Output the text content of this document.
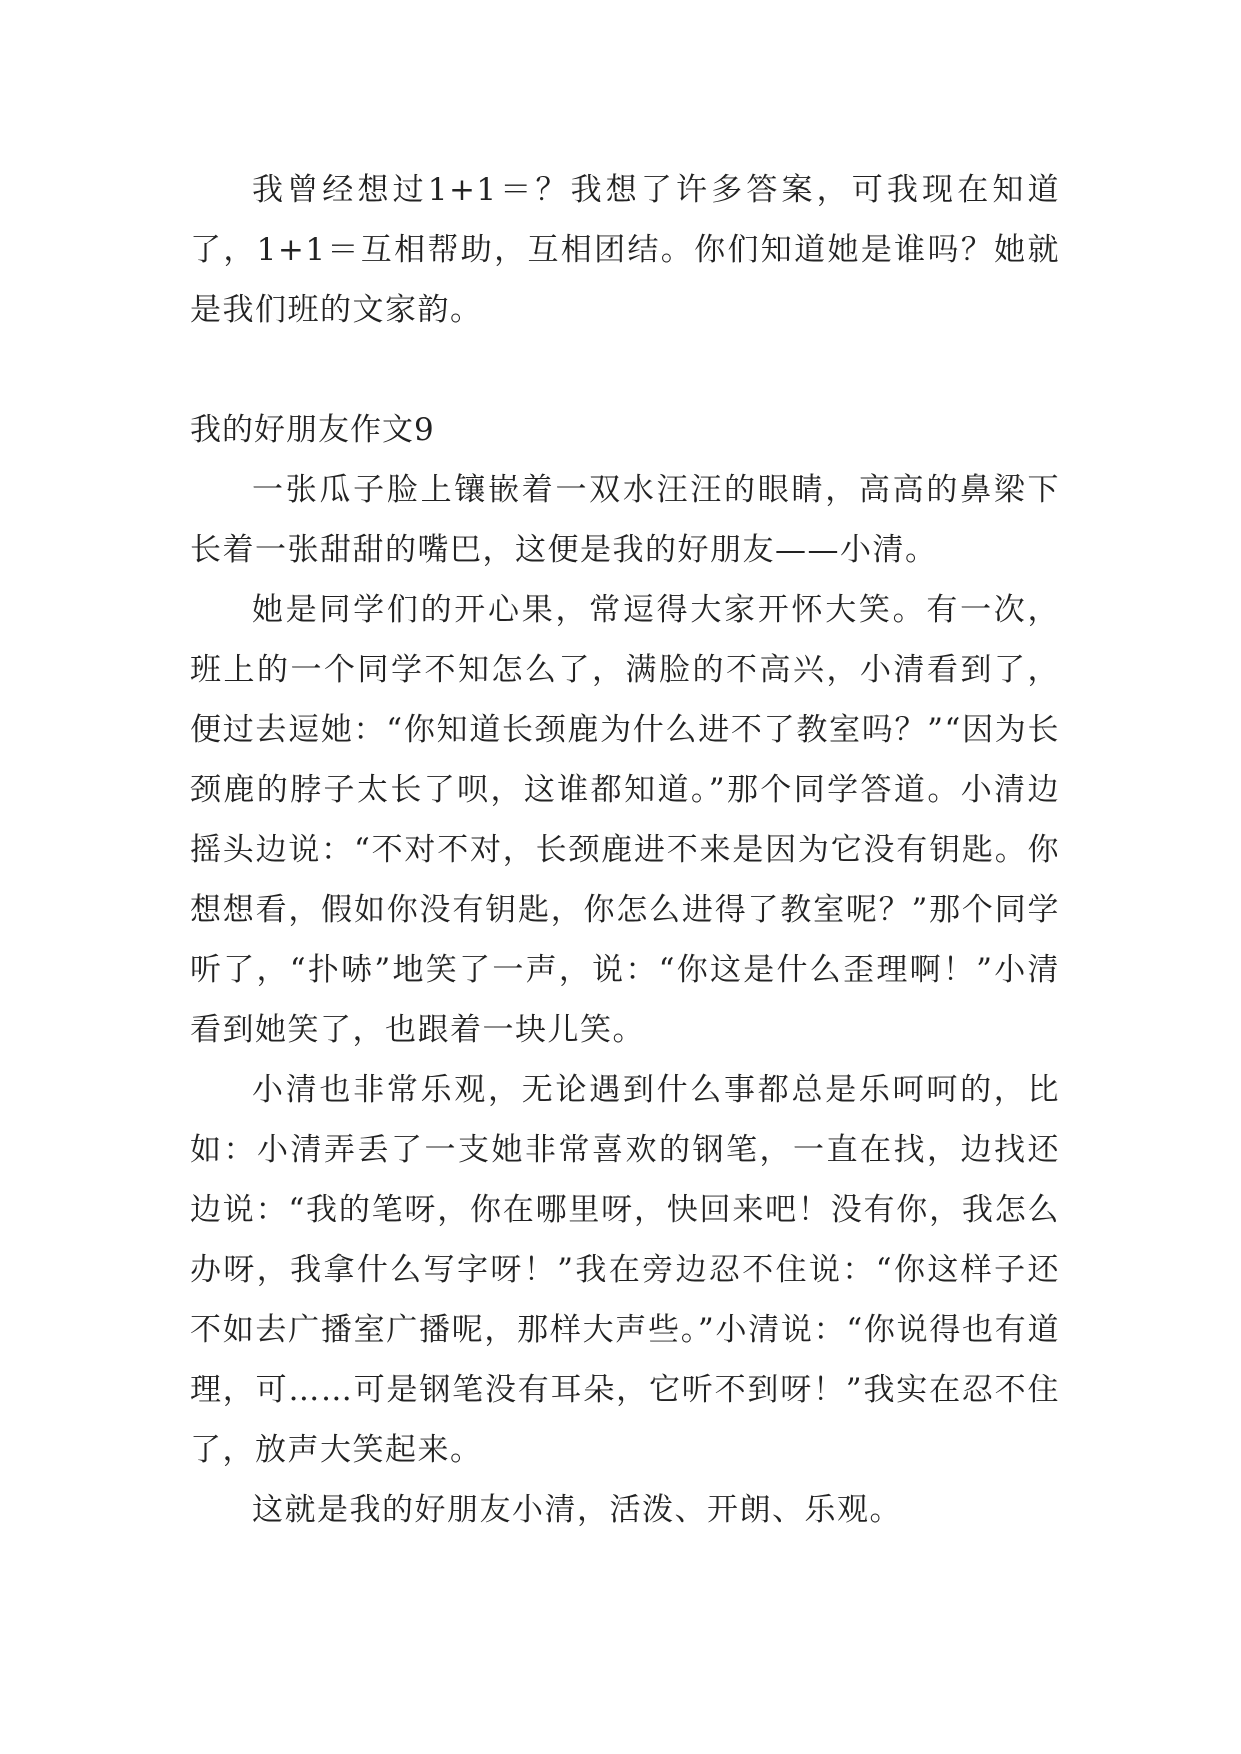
我曾经想过1+1＝？我想了许多答案，可我现在知道了，1+1＝互相帮助，互相团结。你们知道她是谁吗？她就是我们班的文家韵。

我的好朋友作文9

一张瓜子脸上镶嵌着一双水汪汪的眼睛，高高的鼻梁下长着一张甜甜的嘴巴，这便是我的好朋友——小清。

她是同学们的开心果，常逗得大家开怀大笑。有一次，班上的一个同学不知怎么了，满脸的不高兴，小清看到了，便过去逗她：“你知道长颈鹿为什么进不了教室吗？”“因为长颈鹿的脖子太长了呗，这谁都知道。”那个同学答道。小清边摇头边说：“不对不对，长颈鹿进不来是因为它没有钥匙。你想想看，假如你没有钥匙，你怎么进得了教室呢？”那个同学听了，“扑哧”地笑了一声，说：“你这是什么歪理啊！”小清看到她笑了，也跟着一块儿笑。

小清也非常乐观，无论遇到什么事都总是乐呵呵的，比如：小清弄丢了一支她非常喜欢的钢笔，一直在找，边找还边说：“我的笔呀，你在哪里呀，快回来吧！没有你，我怎么办呀，我拿什么写字呀！”我在旁边忍不住说：“你这样子还不如去广播室广播呢，那样大声些。”小清说：“你说得也有道理，可……可是钢笔没有耳朵，它听不到呀！”我实在忍不住了，放声大笑起来。

这就是我的好朋友小清，活泼、开朗、乐观。
